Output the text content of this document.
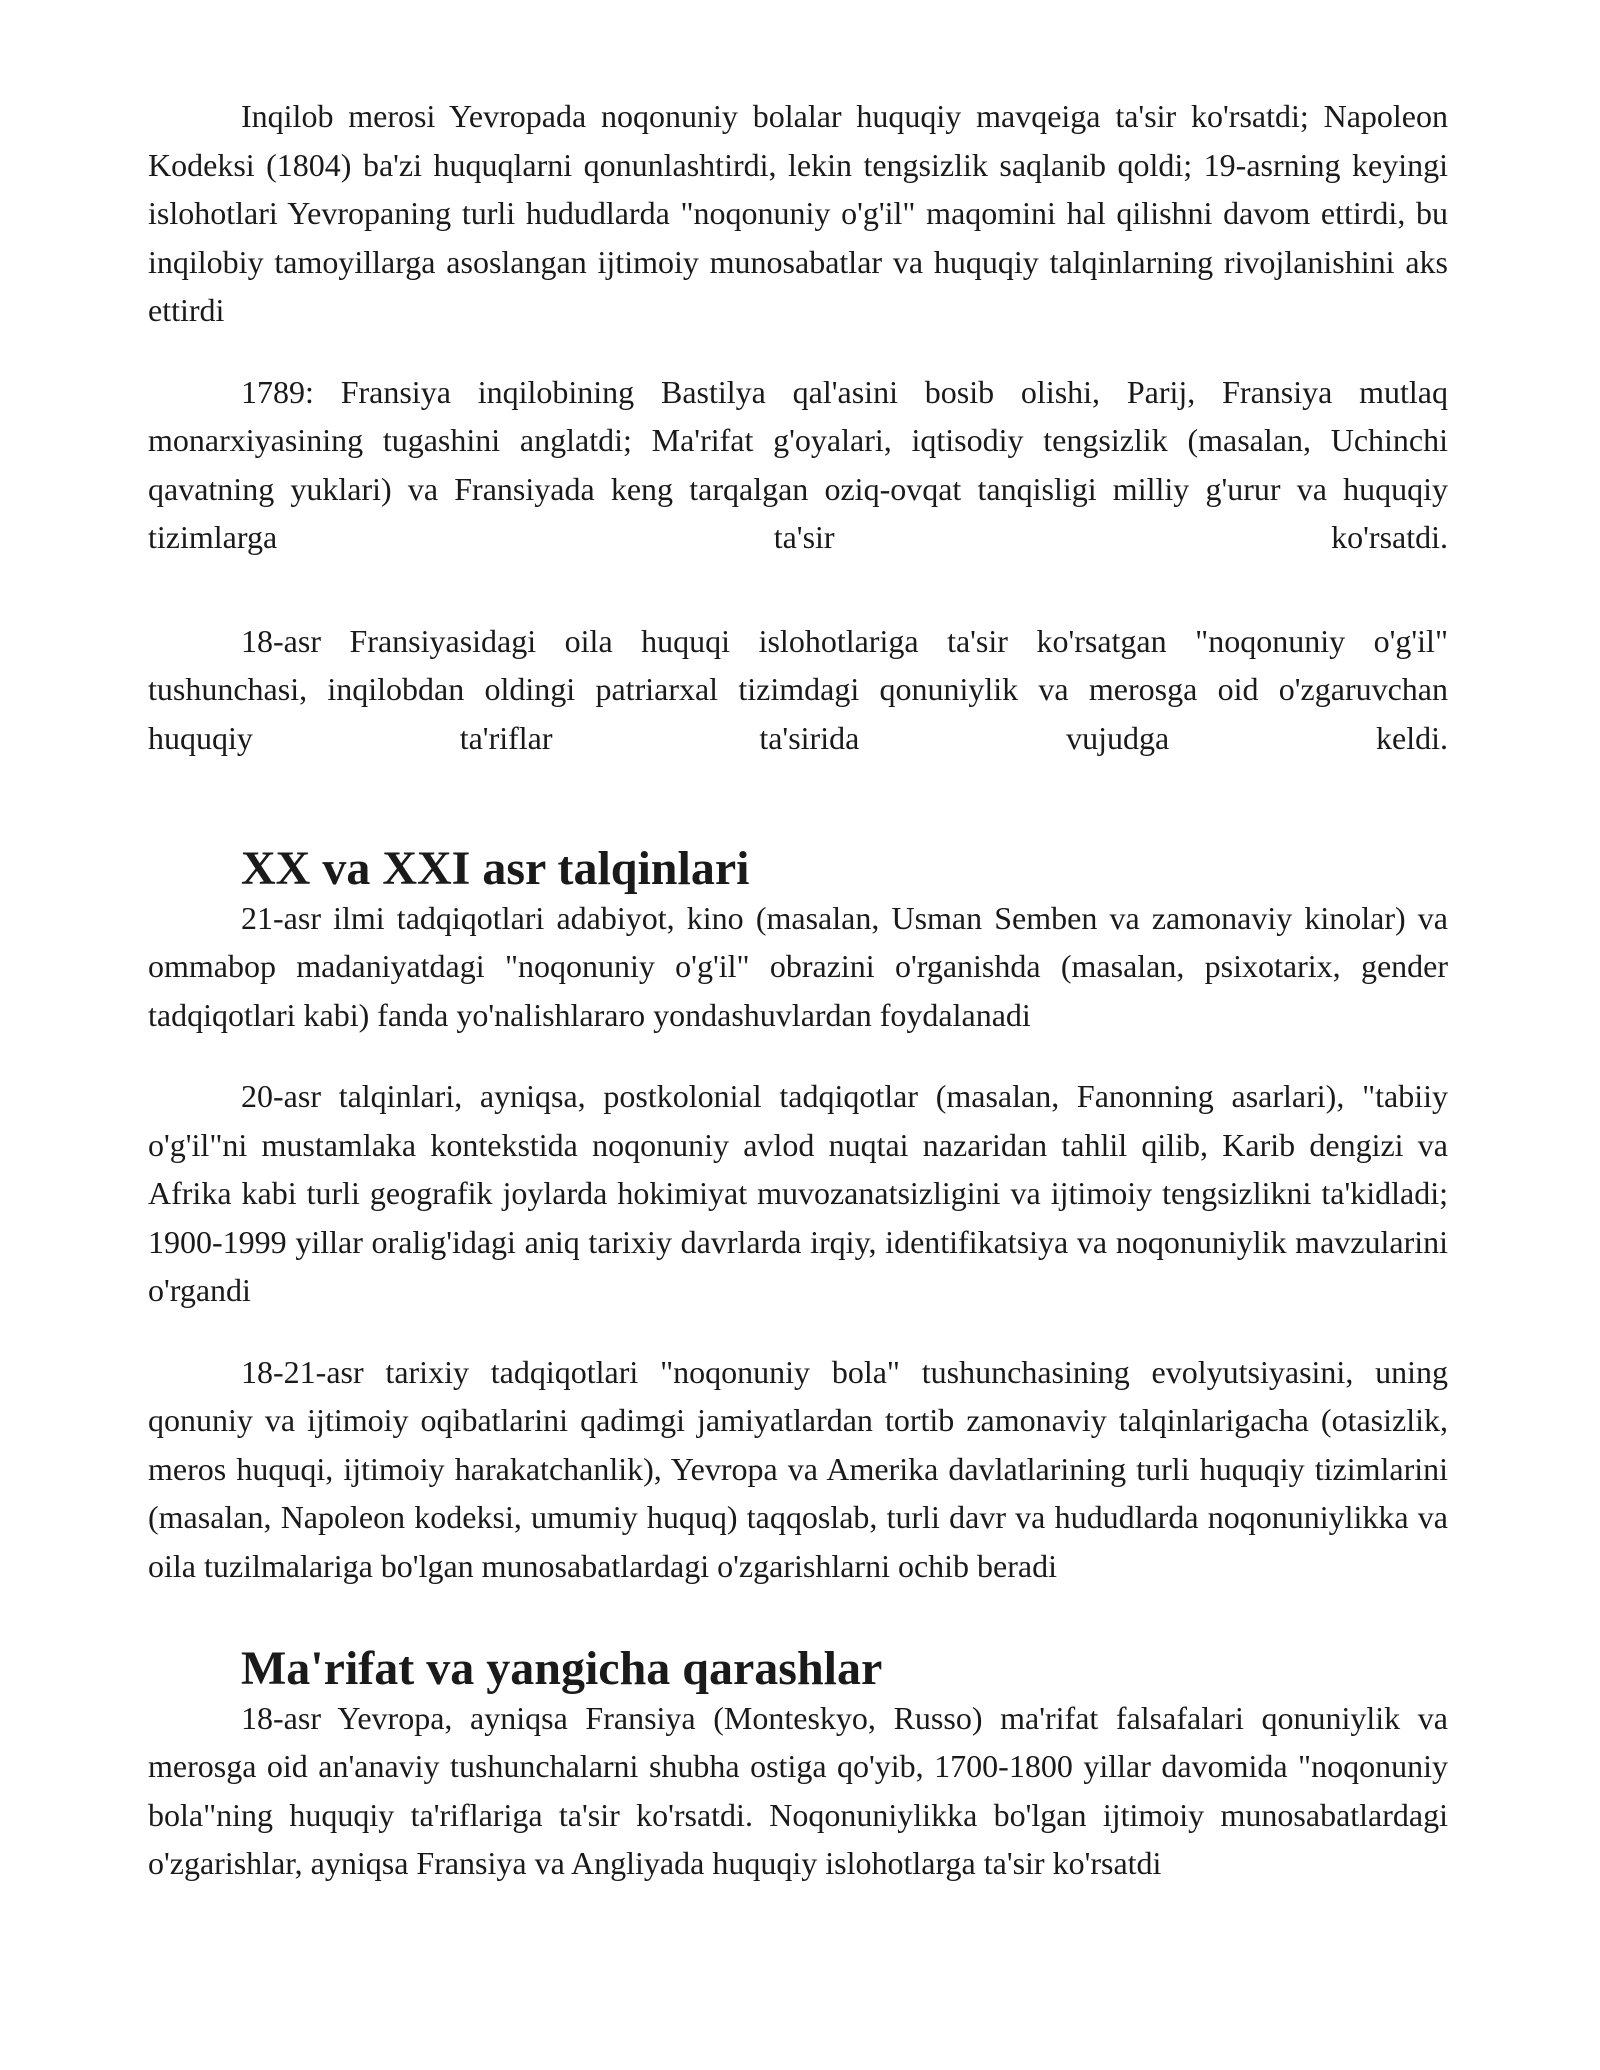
Inqilob merosi Yevropada noqonuniy bolalar huquqiy mavqeiga ta'sir ko'rsatdi; Napoleon Kodeksi (1804) ba'zi huquqlarni qonunlashtirdi, lekin tengsizlik saqlanib qoldi; 19-asrning keyingi islohotlari Yevropaning turli hududlarda "noqonuniy o'g'il" maqomini hal qilishni davom ettirdi, bu inqilobiy tamoyillarga asoslangan ijtimoiy munosabatlar va huquqiy talqinlarning rivojlanishini aks ettirdi

1789: Fransiya inqilobining Bastilya qal'asini bosib olishi, Parij, Fransiya mutlaq monarxiyasining tugashini anglatdi; Ma'rifat g'oyalari, iqtisodiy tengsizlik (masalan, Uchinchi qavatning yuklari) va Fransiyada keng tarqalgan oziq-ovqat tanqisligi milliy g'urur va huquqiy tizimlarga ta'sir ko'rsatdi.

18-asr Fransiyasidagi oila huquqi islohotlariga ta'sir ko'rsatgan "noqonuniy o'g'il" tushunchasi, inqilobdan oldingi patriarxal tizimdagi qonuniylik va merosga oid o'zgaruvchan huquqiy ta'riflar ta'sirida vujudga keldi.

XX va XXI asr talqinlari

21-asr ilmi tadqiqotlari adabiyot, kino (masalan, Usman Semben va zamonaviy kinolar) va ommabop madaniyatdagi "noqonuniy o'g'il" obrazini o'rganishda (masalan, psixotarix, gender tadqiqotlari kabi) fanda yo'nalishlararo yondashuvlardan foydalanadi

20-asr talqinlari, ayniqsa, postkolonial tadqiqotlar (masalan, Fanonning asarlari), "tabiiy o'g'il"ni mustamlaka kontekstida noqonuniy avlod nuqtai nazaridan tahlil qilib, Karib dengizi va Afrika kabi turli geografik joylarda hokimiyat muvozanatsizligini va ijtimoiy tengsizlikni ta'kidladi; 1900-1999 yillar oralig'idagi aniq tarixiy davrlarda irqiy, identifikatsiya va noqonuniylik mavzularini o'rgandi

18-21-asr tarixiy tadqiqotlari "noqonuniy bola" tushunchasining evolyutsiyasini, uning qonuniy va ijtimoiy oqibatlarini qadimgi jamiyatlardan tortib zamonaviy talqinlarigacha (otasizlik, meros huquqi, ijtimoiy harakatchanlik), Yevropa va Amerika davlatlarining turli huquqiy tizimlarini (masalan, Napoleon kodeksi, umumiy huquq) taqqoslab, turli davr va hududlarda noqonuniylikka va oila tuzilmalariga bo'lgan munosabatlardagi o'zgarishlarni ochib beradi

Ma'rifat va yangicha qarashlar

18-asr Yevropa, ayniqsa Fransiya (Monteskyo, Russo) ma'rifat falsafalari qonuniylik va merosga oid an'anaviy tushunchalarni shubha ostiga qo'yib, 1700-1800 yillar davomida "noqonuniy bola"ning huquqiy ta'riflariga ta'sir ko'rsatdi. Noqonuniylikka bo'lgan ijtimoiy munosabatlardagi o'zgarishlar, ayniqsa Fransiya va Angliyada huquqiy islohotlarga ta'sir ko'rsatdi
